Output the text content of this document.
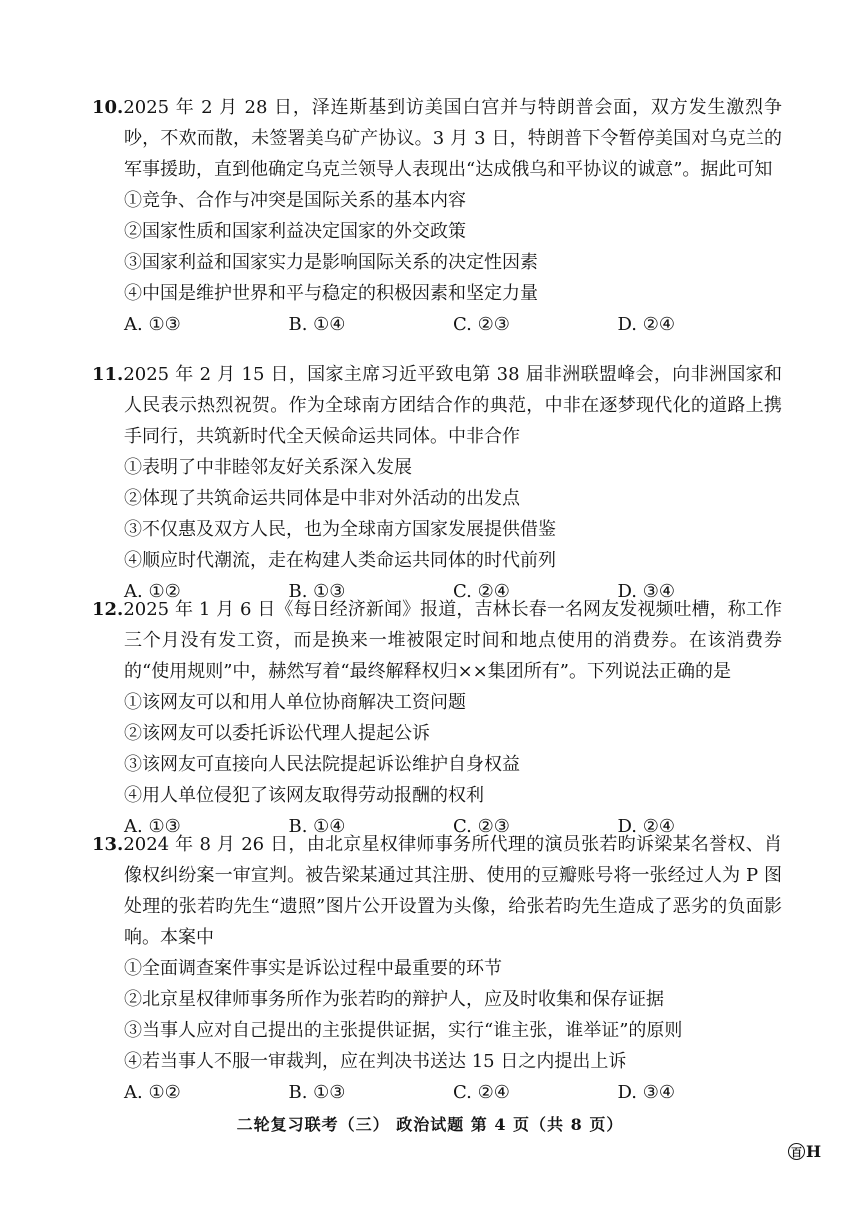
10.2025 年 2 月 28 日，泽连斯基到访美国白宫并与特朗普会面，双方发生激烈争吵，不欢而散，未签署美乌矿产协议。3 月 3 日，特朗普下令暂停美国对乌克兰的军事援助，直到他确定乌克兰领导人表现出“达成俄乌和平协议的诚意”。据此可知

①竞争、合作与冲突是国际关系的基本内容

②国家性质和国家利益决定国家的外交政策

③国家利益和国家实力是影响国际关系的决定性因素

④中国是维护世界和平与稳定的积极因素和坚定力量

A. ①③	B. ①④	C. ②③	D. ②④

11.2025 年 2 月 15 日，国家主席习近平致电第 38 届非洲联盟峰会，向非洲国家和人民表示热烈祝贺。作为全球南方团结合作的典范，中非在逐梦现代化的道路上携手同行，共筑新时代全天候命运共同体。中非合作

①表明了中非睦邻友好关系深入发展

②体现了共筑命运共同体是中非对外活动的出发点

③不仅惠及双方人民，也为全球南方国家发展提供借鉴

④顺应时代潮流，走在构建人类命运共同体的时代前列

A. ①②	B. ①③	C. ②④	D. ③④

12.2025 年 1 月 6 日《每日经济新闻》报道，吉林长春一名网友发视频吐槽，称工作三个月没有发工资，而是换来一堆被限定时间和地点使用的消费券。在该消费券的“使用规则”中，赫然写着“最终解释权归××集团所有”。下列说法正确的是

①该网友可以和用人单位协商解决工资问题

②该网友可以委托诉讼代理人提起公诉

③该网友可直接向人民法院提起诉讼维护自身权益

④用人单位侵犯了该网友取得劳动报酬的权利

A. ①③	B. ①④	C. ②③	D. ②④

13.2024 年 8 月 26 日，由北京星权律师事务所代理的演员张若昀诉梁某名誉权、肖像权纠纷案一审宣判。被告梁某通过其注册、使用的豆瓣账号将一张经过人为 P 图处理的张若昀先生“遗照”图片公开设置为头像，给张若昀先生造成了恶劣的负面影响。本案中

①全面调查案件事实是诉讼过程中最重要的环节

②北京星权律师事务所作为张若昀的辩护人，应及时收集和保存证据

③当事人应对自己提出的主张提供证据，实行“谁主张，谁举证”的原则

④若当事人不服一审裁判，应在判决书送达 15 日之内提出上诉

A. ①②	B. ①③	C. ②④	D. ③④
二轮复习联考（三） 政治试题 第 4 页（共 8 页）
百 H
